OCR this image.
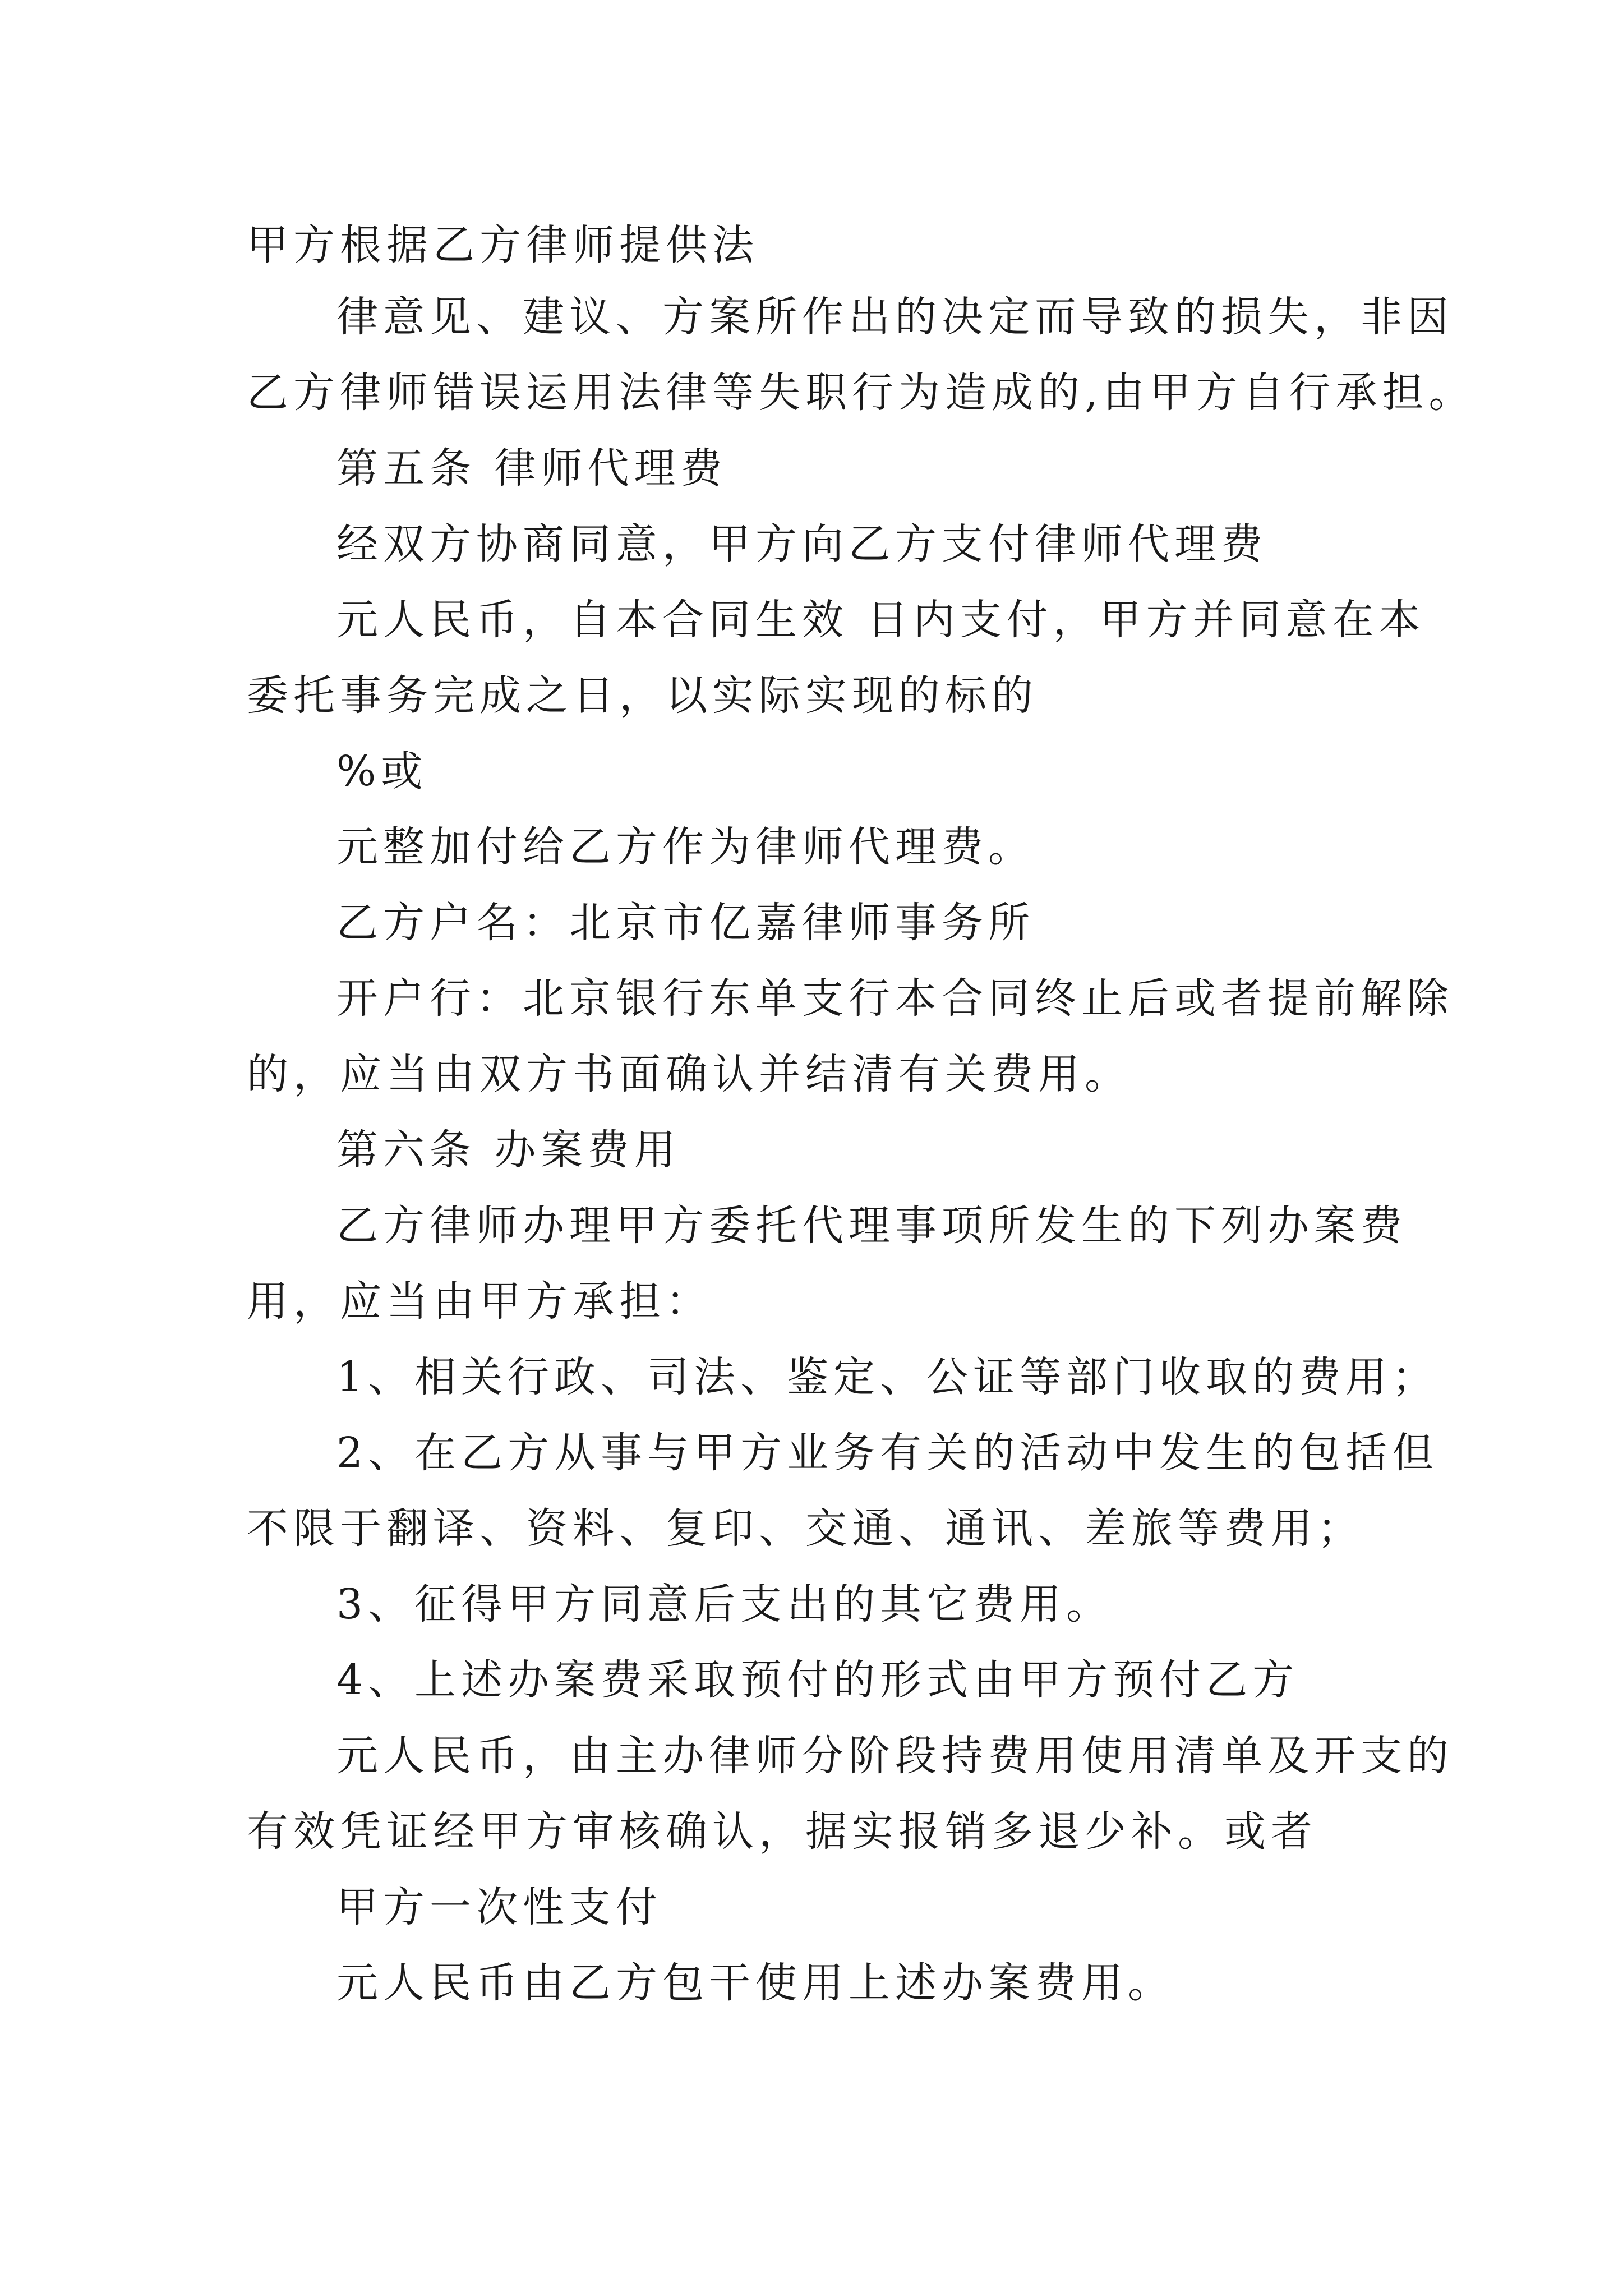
甲方根据乙方律师提供法

律意见、建议、方案所作出的决定而导致的损失，非因

乙方律师错误运用法律等失职行为造成的,由甲方自行承担。

第五条 律师代理费

经双方协商同意，甲方向乙方支付律师代理费

元人民币，自本合同生效 日内支付，甲方并同意在本

委托事务完成之日，以实际实现的标的

%或

元整加付给乙方作为律师代理费。

乙方户名：北京市亿嘉律师事务所

开户行：北京银行东单支行本合同终止后或者提前解除

的，应当由双方书面确认并结清有关费用。

第六条 办案费用

乙方律师办理甲方委托代理事项所发生的下列办案费

用，应当由甲方承担：

1、相关行政、司法、鉴定、公证等部门收取的费用；

2、在乙方从事与甲方业务有关的活动中发生的包括但

不限于翻译、资料、复印、交通、通讯、差旅等费用；

3、征得甲方同意后支出的其它费用。

4、上述办案费采取预付的形式由甲方预付乙方

元人民币，由主办律师分阶段持费用使用清单及开支的

有效凭证经甲方审核确认，据实报销多退少补。或者

甲方一次性支付

元人民币由乙方包干使用上述办案费用。
